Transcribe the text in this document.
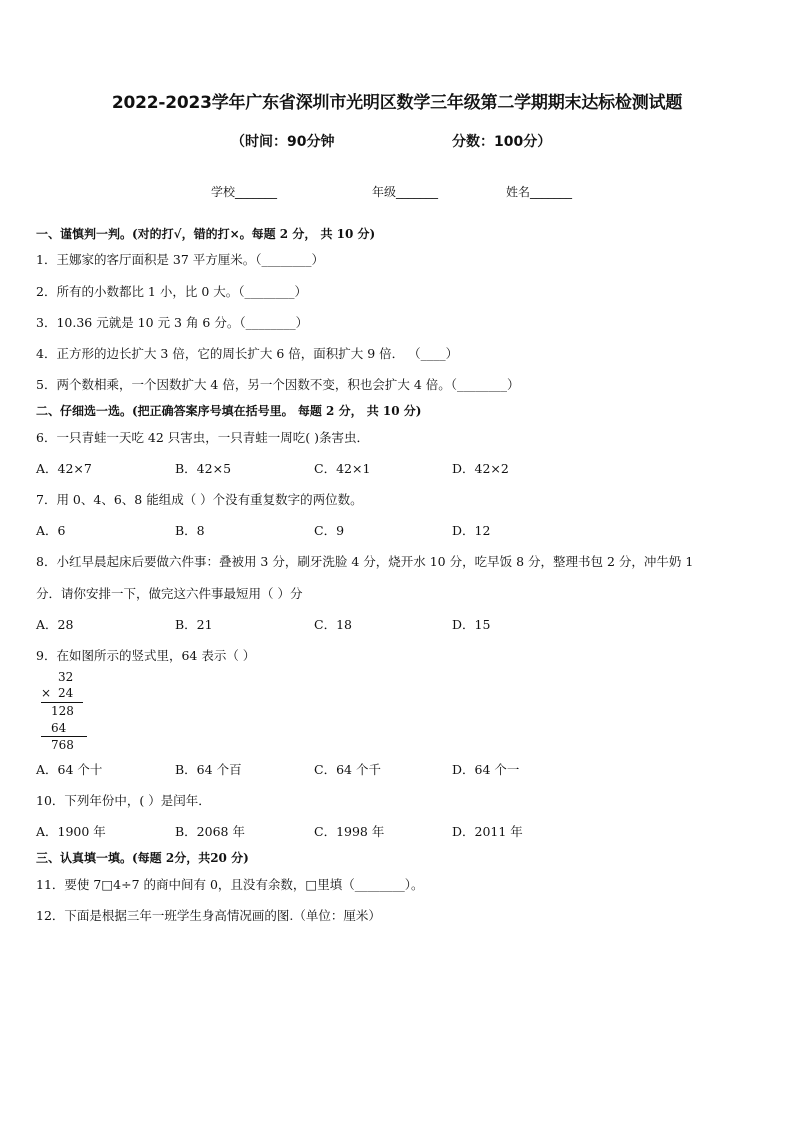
2022-2023学年广东省深圳市光明区数学三年级第二学期期末达标检测试题
（时间：90分钟	分数：100分）
学校_______	年级_______	姓名_______
一、谨慎判一判。(对的打√，错的打×。每题 2 分， 共 10 分)
1．王娜家的客厅面积是 37 平方厘米。（________）
2．所有的小数都比 1 小，比 0 大。（________）
3．10.36 元就是 10 元 3 角 6 分。（________）
4．正方形的边长扩大 3 倍，它的周长扩大 6 倍，面积扩大 9 倍． （____）
5．两个数相乘，一个因数扩大 4 倍，另一个因数不变，积也会扩大 4 倍。（________）
二、仔细选一选。(把正确答案序号填在括号里。 每题 2 分， 共 10 分)
6．一只青蛙一天吃 42 只害虫，一只青蛙一周吃( )条害虫．
A．42×7	B．42×5	C．42×1	D．42×2
7．用 0、4、6、8 能组成（ ）个没有重复数字的两位数。
A．6	B．8	C．9	D．12
8．小红早晨起床后要做六件事：叠被用 3 分，刷牙洗脸 4 分，烧开水 10 分，吃早饭 8 分，整理书包 2 分，冲牛奶 1
分．请你安排一下，做完这六件事最短用（ ）分
A．28	B．21	C．18	D．15
9．在如图所示的竖式里，64 表示（ ）
32
× 24
128
64
768
A．64 个十	B．64 个百	C．64 个千	D．64 个一
10．下列年份中，( ）是闰年．
A．1900 年	B．2068 年	C．1998 年	D．2011 年
三、认真填一填。(每题 2分，共20 分)
11．要使 7□4÷7 的商中间有 0，且没有余数，□里填（________）。
12．下面是根据三年一班学生身高情况画的图.（单位：厘米）
